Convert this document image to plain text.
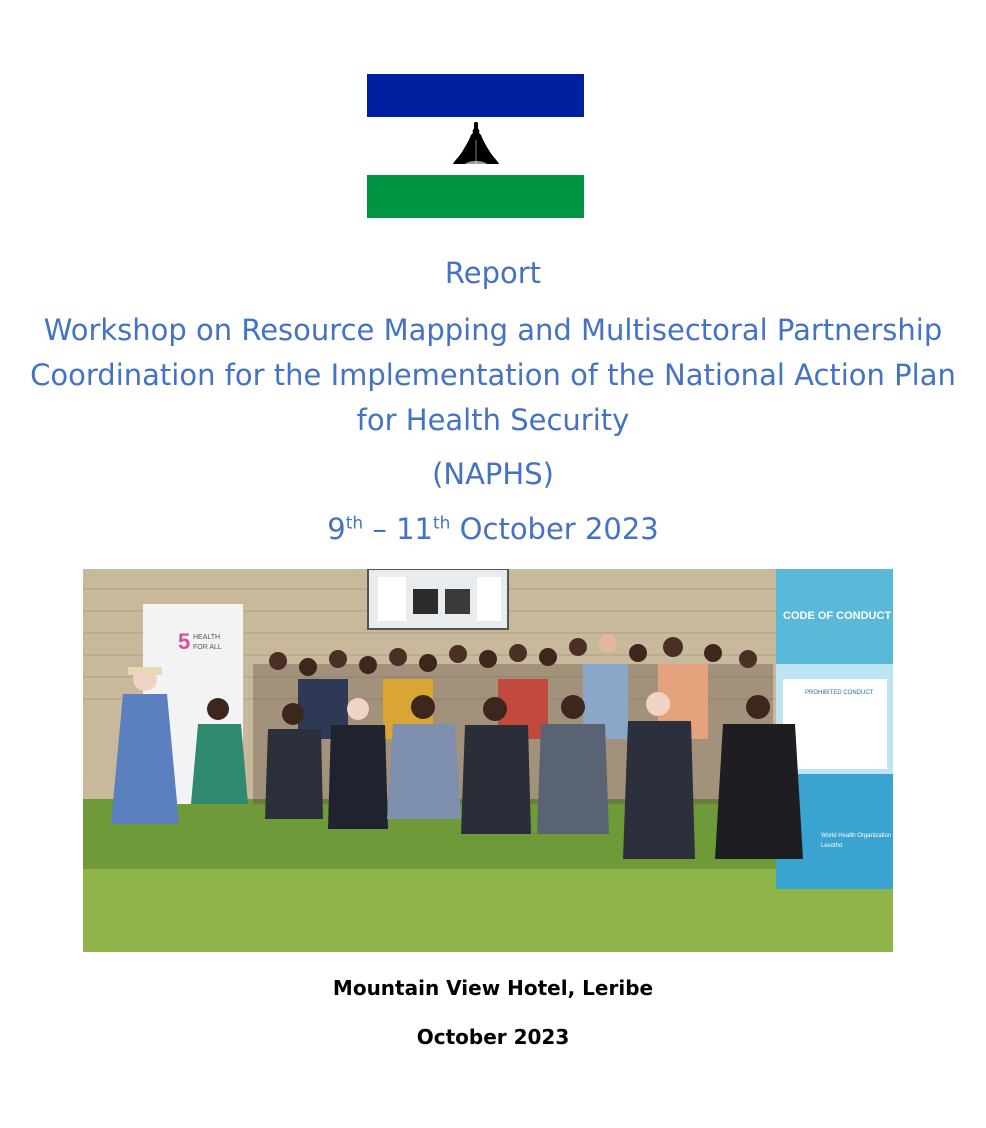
Report
Workshop on Resource Mapping and Multisectoral Partnership Coordination for the Implementation of the National Action Plan for Health Security
(NAPHS)
9th – 11th October 2023
5 HEALTH
FOR ALL
CODE OF CONDUCT
PROHIBITED CONDUCT
World Health Organization
Lesotho
Mountain View Hotel, Leribe
October 2023
